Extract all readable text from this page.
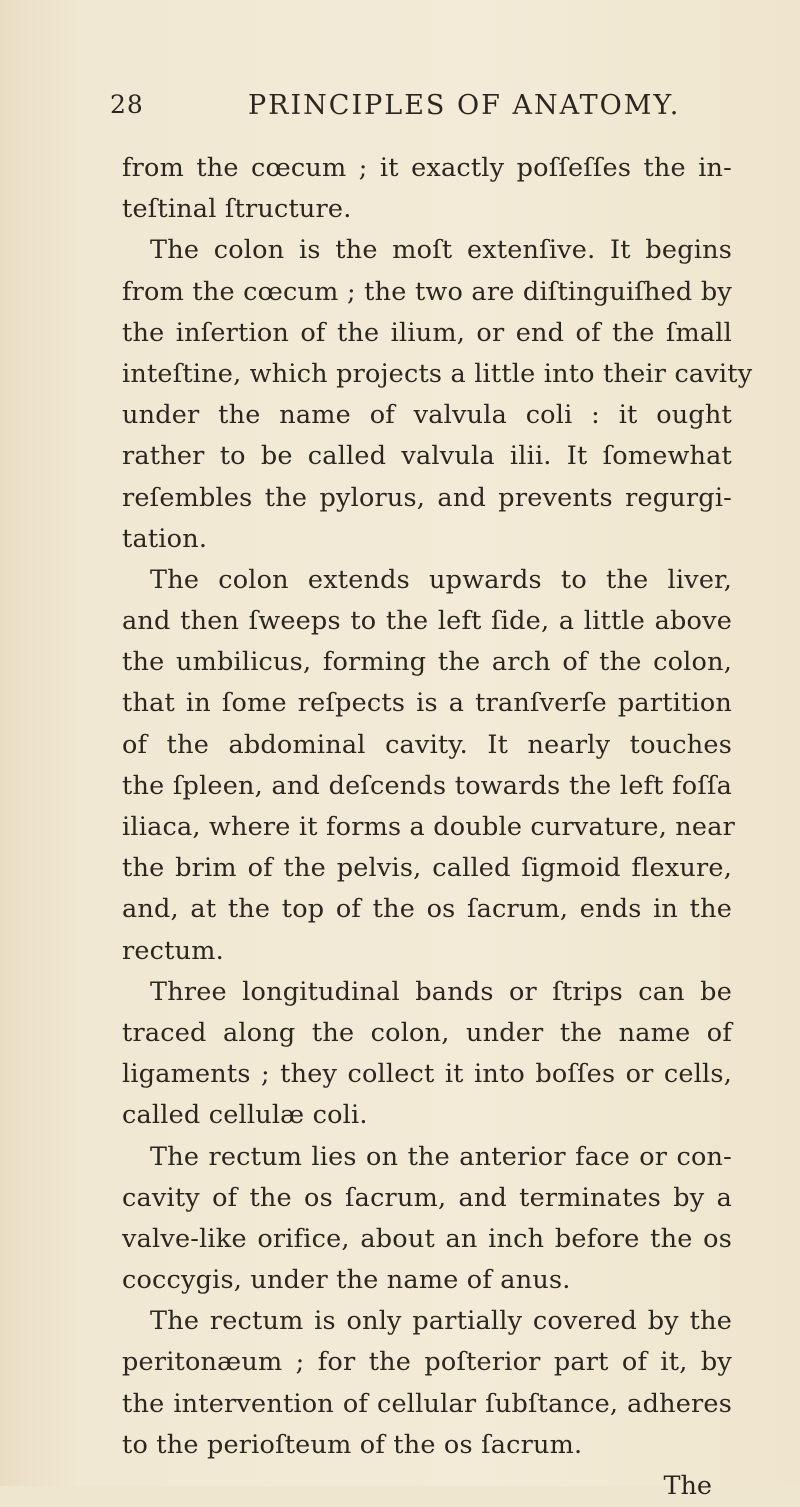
28	PRINCIPLES OF ANATOMY.
from the cœcum ; it exactly poſſeſſes the in-
teſtinal ſtructure.
The colon is the moſt extenſive. It begins
from the cœcum ; the two are diſtinguiſhed by
the inſertion of the ilium, or end of the ſmall
inteſtine, which projects a little into their cavity
under the name of valvula coli : it ought
rather to be called valvula ilii. It ſomewhat
reſembles the pylorus, and prevents regurgi-
tation.
The colon extends upwards to the liver,
and then ſweeps to the left ſide, a little above
the umbilicus, forming the arch of the colon,
that in ſome reſpects is a tranſverſe partition
of the abdominal cavity. It nearly touches
the ſpleen, and deſcends towards the left foſſa
iliaca, where it forms a double curvature, near
the brim of the pelvis, called ſigmoid flexure,
and, at the top of the os ſacrum, ends in the
rectum.
Three longitudinal bands or ſtrips can be
traced along the colon, under the name of
ligaments ; they collect it into boſſes or cells,
called cellulæ coli.
The rectum lies on the anterior face or con-
cavity of the os ſacrum, and terminates by a
valve-like orifice, about an inch before the os
coccygis, under the name of anus.
The rectum is only partially covered by the
peritonæum ; for the poſterior part of it, by
the intervention of cellular ſubſtance, adheres
to the perioſteum of the os ſacrum.
The
